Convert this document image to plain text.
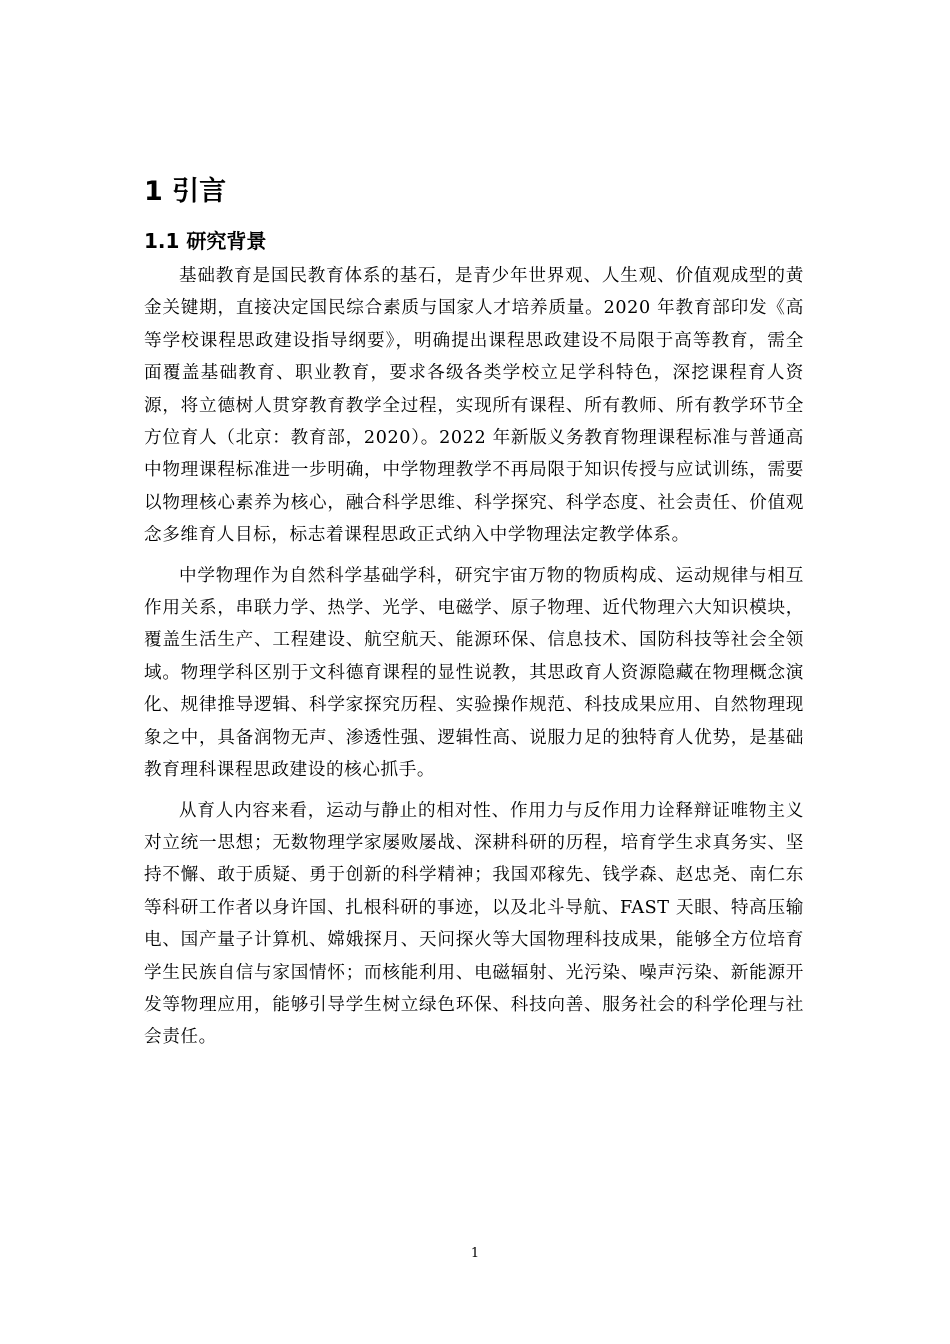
1 引言
1.1 研究背景

基础教育是国民教育体系的基石，是青少年世界观、人生观、价值观成型的黄金关键期，直接决定国民综合素质与国家人才培养质量。2020 年教育部印发《高等学校课程思政建设指导纲要》，明确提出课程思政建设不局限于高等教育，需全面覆盖基础教育、职业教育，要求各级各类学校立足学科特色，深挖课程育人资源，将立德树人贯穿教育教学全过程，实现所有课程、所有教师、所有教学环节全方位育人（北京：教育部，2020）。2022 年新版义务教育物理课程标准与普通高中物理课程标准进一步明确，中学物理教学不再局限于知识传授与应试训练，需要以物理核心素养为核心，融合科学思维、科学探究、科学态度、社会责任、价值观念多维育人目标，标志着课程思政正式纳入中学物理法定教学体系。

中学物理作为自然科学基础学科，研究宇宙万物的物质构成、运动规律与相互作用关系，串联力学、热学、光学、电磁学、原子物理、近代物理六大知识模块，覆盖生活生产、工程建设、航空航天、能源环保、信息技术、国防科技等社会全领域。物理学科区别于文科德育课程的显性说教，其思政育人资源隐藏在物理概念演化、规律推导逻辑、科学家探究历程、实验操作规范、科技成果应用、自然物理现象之中，具备润物无声、渗透性强、逻辑性高、说服力足的独特育人优势，是基础教育理科课程思政建设的核心抓手。

从育人内容来看，运动与静止的相对性、作用力与反作用力诠释辩证唯物主义对立统一思想；无数物理学家屡败屡战、深耕科研的历程，培育学生求真务实、坚持不懈、敢于质疑、勇于创新的科学精神；我国邓稼先、钱学森、赵忠尧、南仁东等科研工作者以身许国、扎根科研的事迹，以及北斗导航、FAST 天眼、特高压输电、国产量子计算机、嫦娥探月、天问探火等大国物理科技成果，能够全方位培育学生民族自信与家国情怀；而核能利用、电磁辐射、光污染、噪声污染、新能源开发等物理应用，能够引导学生树立绿色环保、科技向善、服务社会的科学伦理与社会责任。

1
